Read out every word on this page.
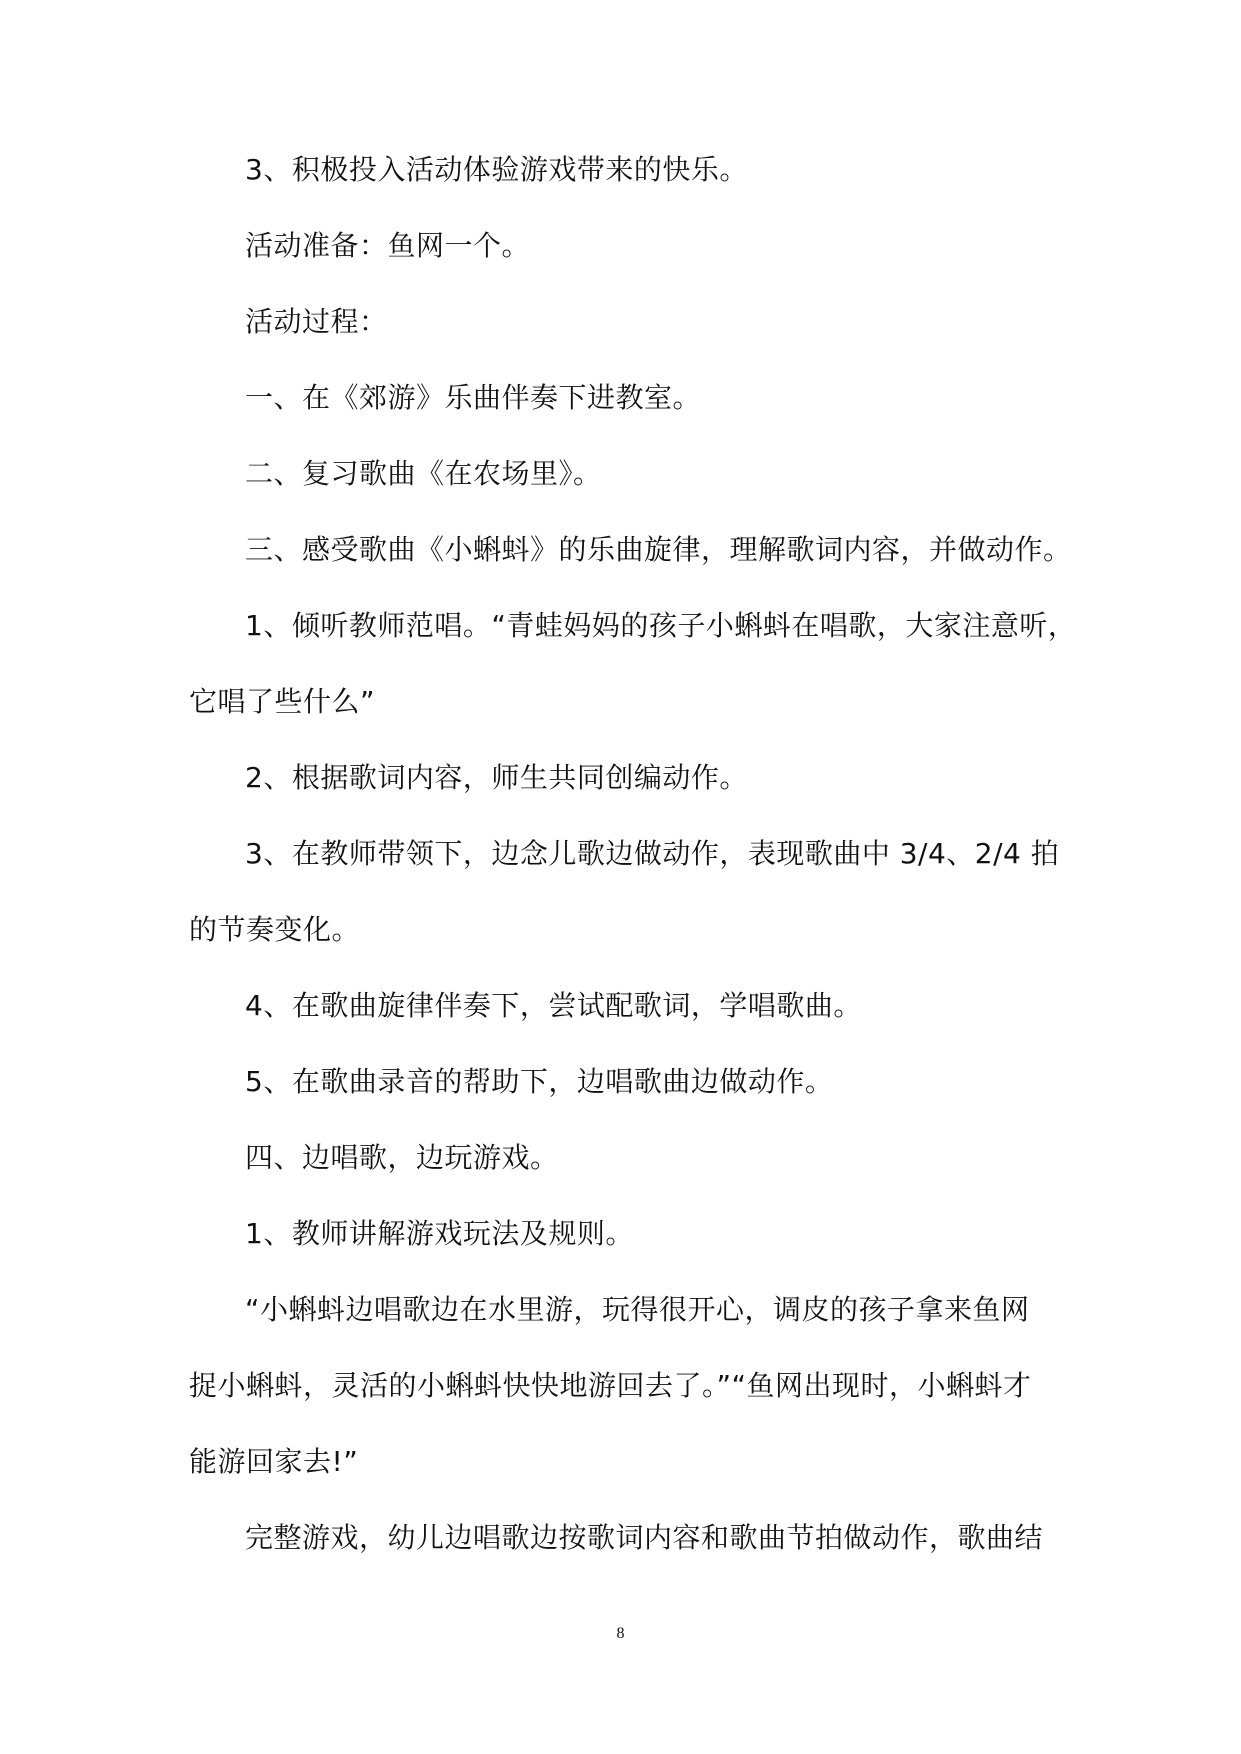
3、积极投入活动体验游戏带来的快乐。
活动准备：鱼网一个。
活动过程：
一、在《郊游》乐曲伴奏下进教室。
二、复习歌曲《在农场里》。
三、感受歌曲《小蝌蚪》的乐曲旋律，理解歌词内容，并做动作。
1、倾听教师范唱。“青蛙妈妈的孩子小蝌蚪在唱歌，大家注意听，
它唱了些什么”
2、根据歌词内容，师生共同创编动作。
3、在教师带领下，边念儿歌边做动作，表现歌曲中 3/4、2/4 拍
的节奏变化。
4、在歌曲旋律伴奏下，尝试配歌词，学唱歌曲。
5、在歌曲录音的帮助下，边唱歌曲边做动作。
四、边唱歌，边玩游戏。
1、教师讲解游戏玩法及规则。
“小蝌蚪边唱歌边在水里游，玩得很开心，调皮的孩子拿来鱼网
捉小蝌蚪，灵活的小蝌蚪快快地游回去了。”“鱼网出现时，小蝌蚪才
能游回家去!”
完整游戏，幼儿边唱歌边按歌词内容和歌曲节拍做动作，歌曲结
8
